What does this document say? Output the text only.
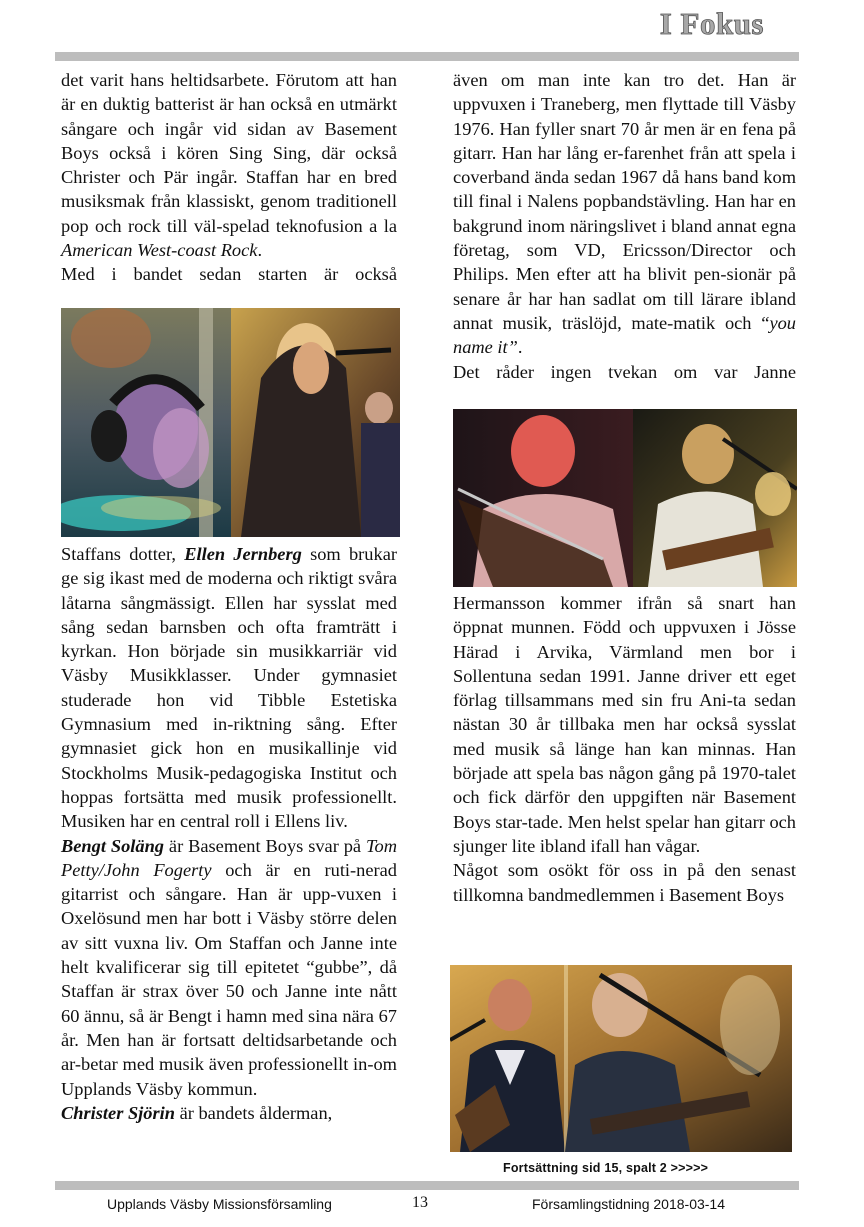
I Fokus

det varit hans heltidsarbete. Förutom att han är en duktig batterist är han också en utmärkt sångare och ingår vid sidan av Basement Boys också i kören Sing Sing, där också Christer och Pär ingår. Staffan har en bred musiksmak från klassiskt, genom traditionell pop och rock till väl-spelad teknofusion a la American West-coast Rock.

Med i bandet sedan starten är också

Staffans dotter, Ellen Jernberg som brukar ge sig ikast med de moderna och riktigt svåra låtarna sångmässigt. Ellen har sysslat med sång sedan barnsben och ofta framträtt i kyrkan. Hon började sin musikkarriär vid Väsby Musikklasser. Under gymnasiet studerade hon vid Tibble Estetiska Gymnasium med in-riktning sång. Efter gymnasiet gick hon en musikallinje vid Stockholms Musik-pedagogiska Institut och hoppas fortsätta med musik professionellt. Musiken har en central roll i Ellens liv.

Bengt Soläng är Basement Boys svar på Tom Petty/John Fogerty och är en ruti-nerad gitarrist och sångare. Han är upp-vuxen i Oxelösund men har bott i Väsby större delen av sitt vuxna liv. Om Staffan och Janne inte helt kvalificerar sig till epitetet “gubbe”, då Staffan är strax över 50 och Janne inte nått 60 ännu, så är Bengt i hamn med sina nära 67 år. Men han är fortsatt deltidsarbetande och ar-betar med musik även professionellt in-om Upplands Väsby kommun.

Christer Sjörin är bandets ålderman,

även om man inte kan tro det. Han är uppvuxen i Traneberg, men flyttade till Väsby 1976. Han fyller snart 70 år men är en fena på gitarr. Han har lång er-farenhet från att spela i coverband ända sedan 1967 då hans band kom till final i Nalens popbandstävling. Han har en bakgrund inom näringslivet i bland annat egna företag, som VD, Ericsson/Director och Philips. Men efter att ha blivit pen-sionär på senare år har han sadlat om till lärare ibland annat musik, träslöjd, mate-matik och “you name it”.

Det råder ingen tvekan om var Janne

Hermansson kommer ifrån så snart han öppnat munnen. Född och uppvuxen i Jösse Härad i Arvika, Värmland men bor i Sollentuna sedan 1991. Janne driver ett eget förlag tillsammans med sin fru Ani-ta sedan nästan 30 år tillbaka men har också sysslat med musik så länge han kan minnas. Han började att spela bas någon gång på 1970-talet och fick därför den uppgiften när Basement Boys star-tade. Men helst spelar han gitarr och sjunger lite ibland ifall han vågar.

Något som osökt för oss in på den senast tillkomna bandmedlemmen i Basement Boys

Fortsättning sid 15, spalt 2 >>>>>
Upplands Väsby Missionsförsamling	13	Församlingstidning 2018-03-14
